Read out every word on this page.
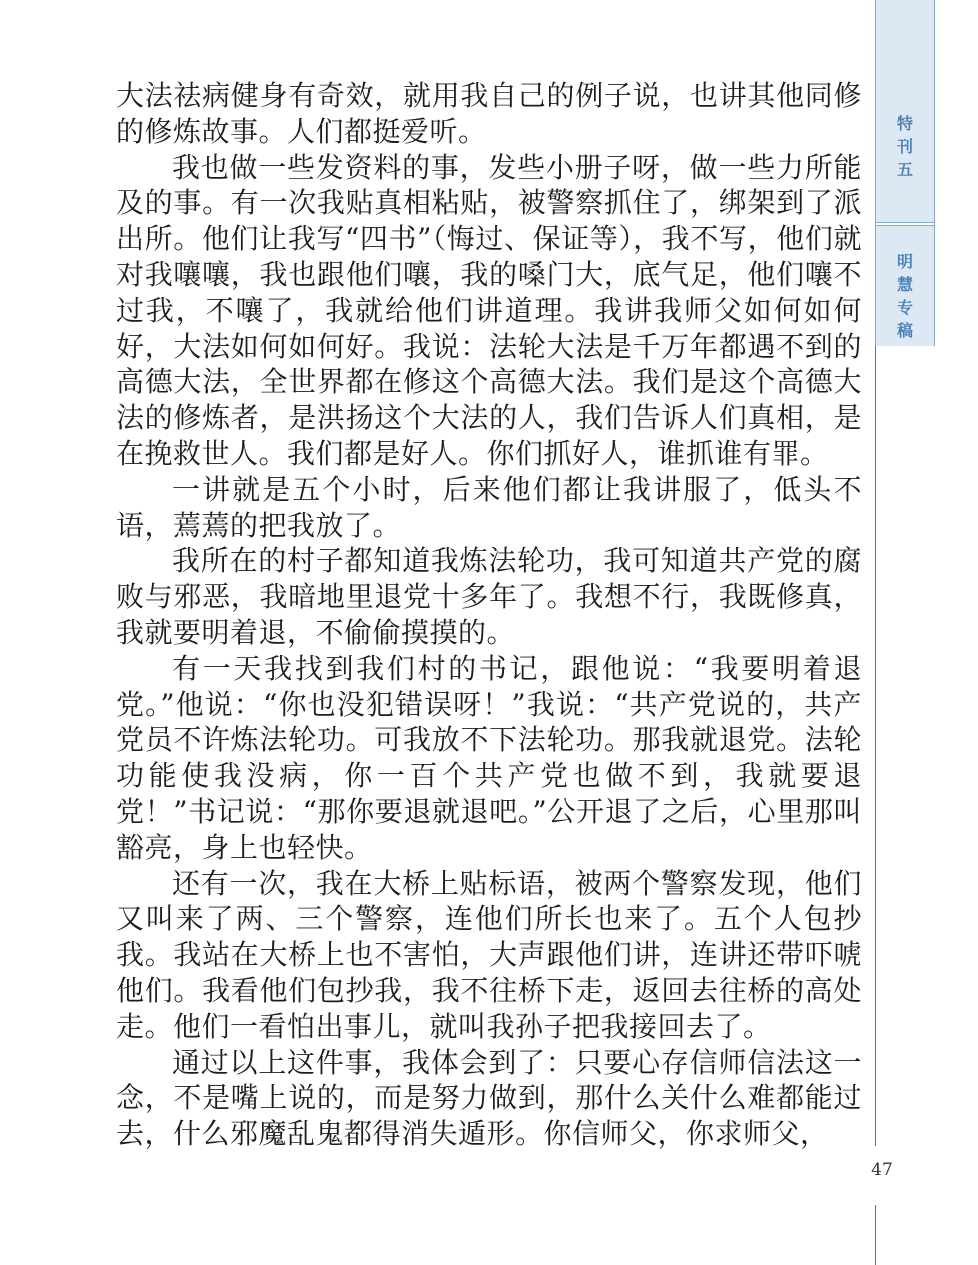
特
刊
五
明
慧
专
稿

大法祛病健身有奇效，就用我自己的例子说，也讲其他同修的修炼故事。人们都挺爱听。

我也做一些发资料的事，发些小册子呀，做一些力所能及的事。有一次我贴真相粘贴，被警察抓住了，绑架到了派出所。他们让我写“四书”（悔过、保证等），我不写，他们就对我嚷嚷，我也跟他们嚷，我的嗓门大，底气足，他们嚷不过我，不嚷了，我就给他们讲道理。我讲我师父如何如何好，大法如何如何好。我说：法轮大法是千万年都遇不到的高德大法，全世界都在修这个高德大法。我们是这个高德大法的修炼者，是洪扬这个大法的人，我们告诉人们真相，是在挽救世人。我们都是好人。你们抓好人，谁抓谁有罪。

一讲就是五个小时，后来他们都让我讲服了，低头不语，蔫蔫的把我放了。

我所在的村子都知道我炼法轮功，我可知道共产党的腐败与邪恶，我暗地里退党十多年了。我想不行，我既修真，我就要明着退，不偷偷摸摸的。

有一天我找到我们村的书记，跟他说：“我要明着退党。”他说：“你也没犯错误呀！”我说：“共产党说的，共产党员不许炼法轮功。可我放不下法轮功。那我就退党。法轮功能使我没病，你一百个共产党也做不到，我就要退党！”书记说：“那你要退就退吧。”公开退了之后，心里那叫豁亮，身上也轻快。

还有一次，我在大桥上贴标语，被两个警察发现，他们又叫来了两、三个警察，连他们所长也来了。五个人包抄我。我站在大桥上也不害怕，大声跟他们讲，连讲还带吓唬他们。我看他们包抄我，我不往桥下走，返回去往桥的高处走。他们一看怕出事儿，就叫我孙子把我接回去了。

通过以上这件事，我体会到了：只要心存信师信法这一念，不是嘴上说的，而是努力做到，那什么关什么难都能过去，什么邪魔乱鬼都得消失遁形。你信师父，你求师父，

47
